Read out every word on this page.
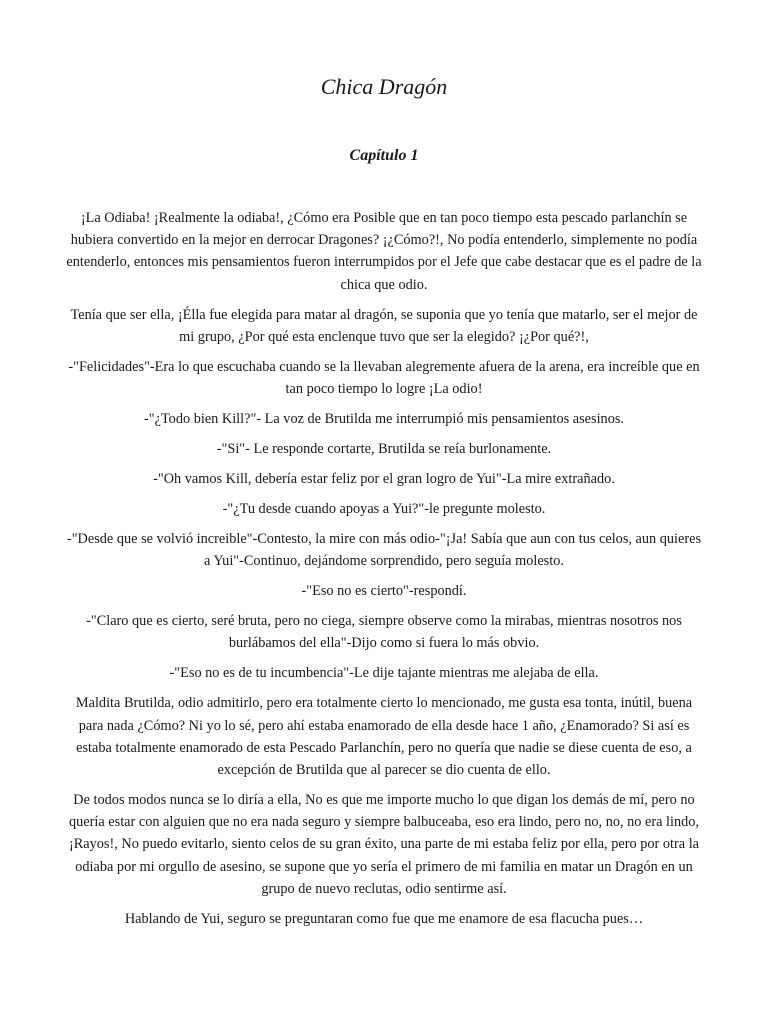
Chica Dragón
Capítulo 1

¡La Odiaba! ¡Realmente la odiaba!, ¿Cómo era Posible que en tan poco tiempo esta pescado parlanchín se hubiera convertido en la mejor en derrocar Dragones? ¡¿Cómo?!, No podía entenderlo, simplemente no podía entenderlo, entonces mis pensamientos fueron interrumpidos por el Jefe que cabe destacar que es el padre de la chica que odio.

Tenía que ser ella, ¡Élla fue elegida para matar al dragón, se suponia que yo tenía que matarlo, ser el mejor de mi grupo, ¿Por qué esta enclenque tuvo que ser la elegido? ¡¿Por qué?!,

-"Felicidades"-Era lo que escuchaba cuando se la llevaban alegremente afuera de la arena, era increíble que en tan poco tiempo lo logre ¡La odio!

-"¿Todo bien Kill?"- La voz de Brutilda me interrumpió mis pensamientos asesinos.

-"Si"- Le responde cortarte, Brutilda se reía burlonamente.

-"Oh vamos Kill, debería estar feliz por el gran logro de Yui"-La mire extrañado.

-"¿Tu desde cuando apoyas a Yui?"-le pregunte molesto.

-"Desde que se volvió increible"-Contesto, la mire con más odio-"¡Ja! Sabía que aun con tus celos, aun quieres a Yui"-Continuo, dejándome sorprendido, pero seguía molesto.

-"Eso no es cierto"-respondí.

-"Claro que es cierto, seré bruta, pero no ciega, siempre observe como la mirabas, mientras nosotros nos burlábamos del ella"-Dijo como si fuera lo más obvio.

-"Eso no es de tu incumbencia"-Le dije tajante mientras me alejaba de ella.

Maldita Brutilda, odio admitirlo, pero era totalmente cierto lo mencionado, me gusta esa tonta, inútil, buena para nada ¿Cómo? Ni yo lo sé, pero ahí estaba enamorado de ella desde hace 1 año, ¿Enamorado? Si así es estaba totalmente enamorado de esta Pescado Parlanchín, pero no quería que nadie se diese cuenta de eso, a excepción de Brutilda que al parecer se dio cuenta de ello.

De todos modos nunca se lo diría a ella, No es que me importe mucho lo que digan los demás de mí, pero no quería estar con alguien que no era nada seguro y siempre balbuceaba, eso era lindo, pero no, no, no era lindo, ¡Rayos!, No puedo evitarlo, siento celos de su gran éxito, una parte de mi estaba feliz por ella, pero por otra la odiaba por mi orgullo de asesino, se supone que yo sería el primero de mi familia en matar un Dragón en un grupo de nuevo reclutas, odio sentirme así.

Hablando de Yui, seguro se preguntaran como fue que me enamore de esa flacucha pues…
